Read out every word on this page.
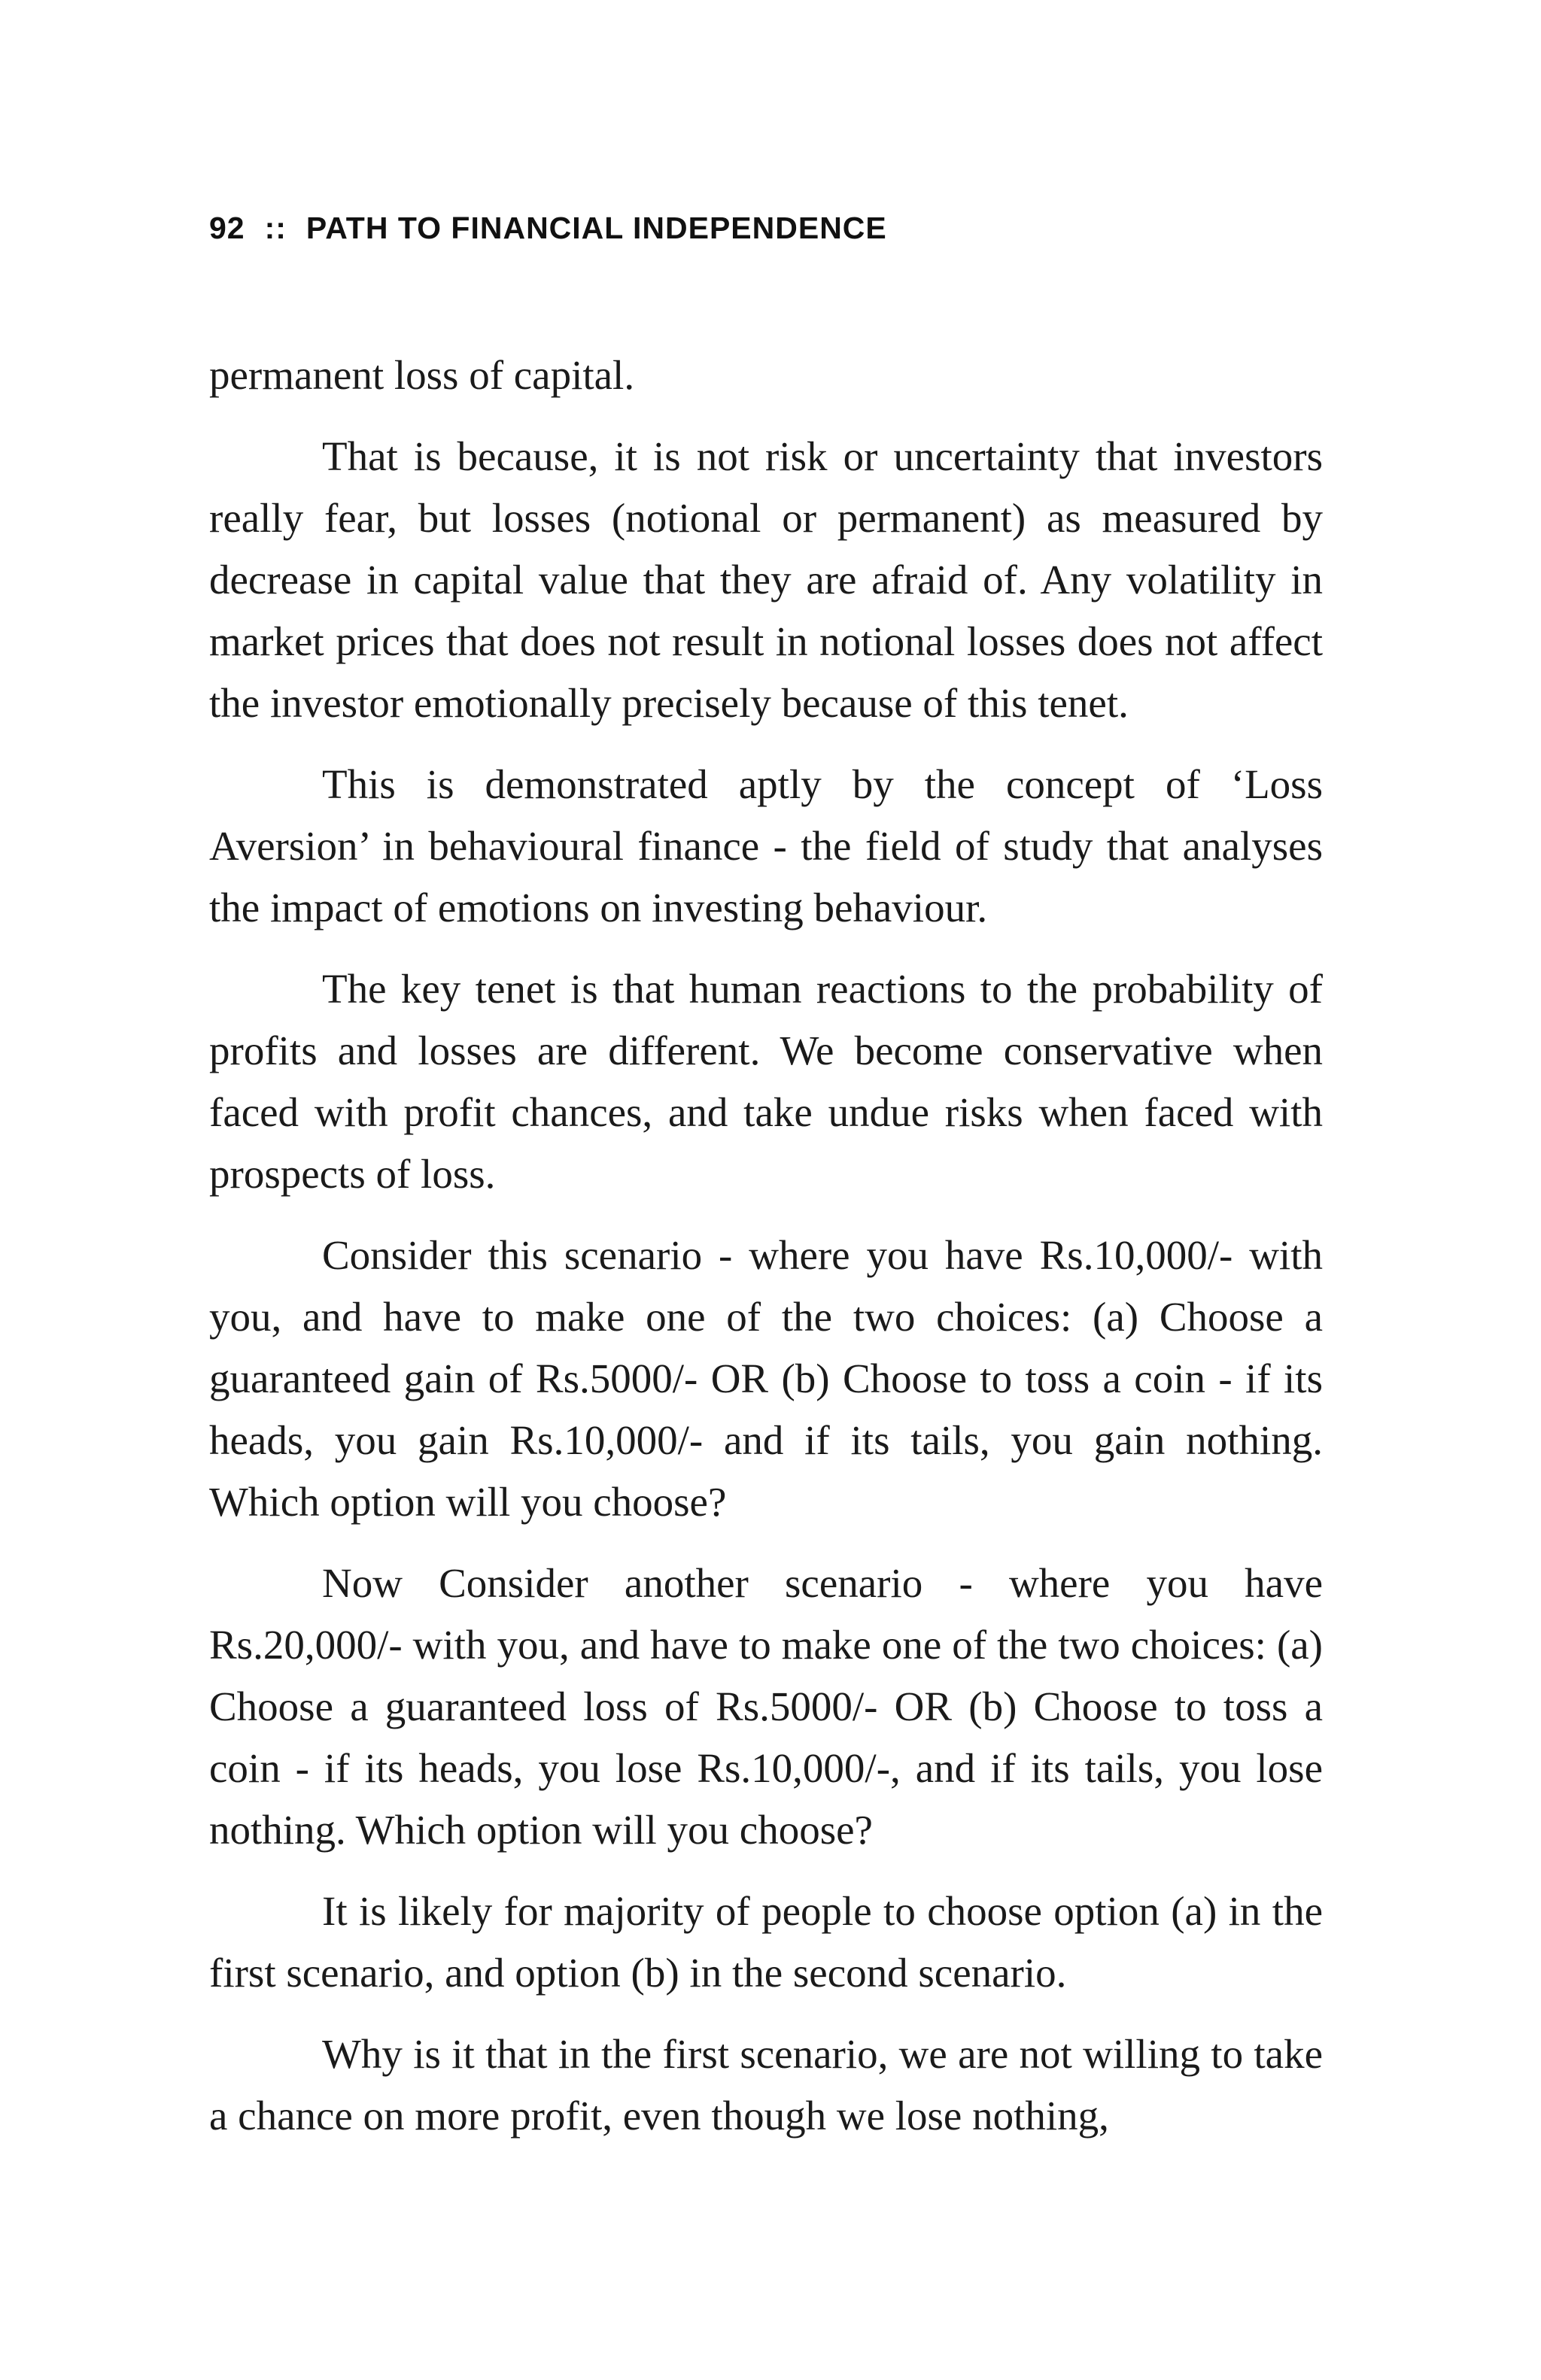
92 :: PATH TO FINANCIAL INDEPENDENCE

permanent loss of capital.

That is because, it is not risk or uncertainty that investors really fear, but losses (notional or permanent) as measured by decrease in capital value that they are afraid of. Any volatility in market prices that does not result in notional losses does not affect the investor emotionally precisely because of this tenet.

This is demonstrated aptly by the concept of ‘Loss Aversion’ in behavioural finance - the field of study that analyses the impact of emotions on investing behaviour.

The key tenet is that human reactions to the probability of profits and losses are different. We become conservative when faced with profit chances, and take undue risks when faced with prospects of loss.

Consider this scenario - where you have Rs.10,000/- with you, and have to make one of the two choices: (a) Choose a guaranteed gain of Rs.5000/- OR (b) Choose to toss a coin - if its heads, you gain Rs.10,000/- and if its tails, you gain nothing. Which option will you choose?

Now Consider another scenario - where you have Rs.20,000/- with you, and have to make one of the two choices: (a) Choose a guaranteed loss of Rs.5000/- OR (b) Choose to toss a coin - if its heads, you lose Rs.10,000/-, and if its tails, you lose nothing. Which option will you choose?

It is likely for majority of people to choose option (a) in the first scenario, and option (b) in the second scenario.

Why is it that in the first scenario, we are not willing to take a chance on more profit, even though we lose nothing,
